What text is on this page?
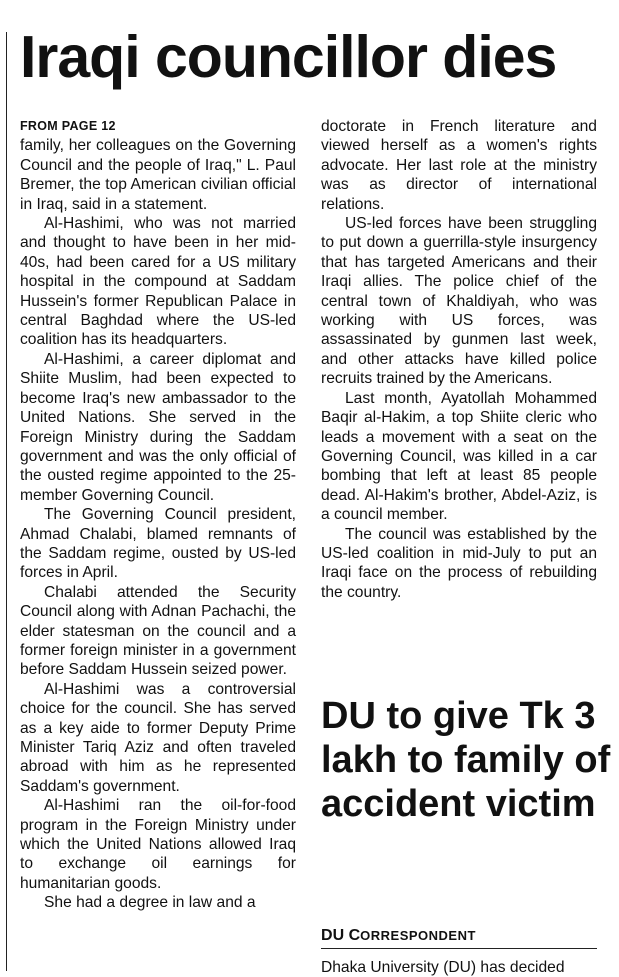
Iraqi councillor dies
FROM PAGE 12

family, her colleagues on the Governing Council and the people of Iraq," L. Paul Bremer, the top American civilian official in Iraq, said in a statement.

Al-Hashimi, who was not married and thought to have been in her mid-40s, had been cared for a US military hospital in the compound at Saddam Hussein's former Republican Palace in central Baghdad where the US-led coalition has its headquarters.

Al-Hashimi, a career diplomat and Shiite Muslim, had been expected to become Iraq's new ambassador to the United Nations. She served in the Foreign Ministry during the Saddam government and was the only official of the ousted regime appointed to the 25-member Governing Council.

The Governing Council president, Ahmad Chalabi, blamed remnants of the Saddam regime, ousted by US-led forces in April.

Chalabi attended the Security Council along with Adnan Pachachi, the elder statesman on the council and a former foreign minister in a government before Saddam Hussein seized power.

Al-Hashimi was a controversial choice for the council. She has served as a key aide to former Deputy Prime Minister Tariq Aziz and often traveled abroad with him as he represented Saddam's government.

Al-Hashimi ran the oil-for-food program in the Foreign Ministry under which the United Nations allowed Iraq to exchange oil earnings for humanitarian goods.

She had a degree in law and a

doctorate in French literature and viewed herself as a women's rights advocate. Her last role at the ministry was as director of international relations.

US-led forces have been struggling to put down a guerrilla-style insurgency that has targeted Americans and their Iraqi allies. The police chief of the central town of Khaldiyah, who was working with US forces, was assassinated by gunmen last week, and other attacks have killed police recruits trained by the Americans.

Last month, Ayatollah Mohammed Baqir al-Hakim, a top Shiite cleric who leads a movement with a seat on the Governing Council, was killed in a car bombing that left at least 85 people dead. Al-Hakim's brother, Abdel-Aziz, is a council member.

The council was established by the US-led coalition in mid-July to put an Iraqi face on the process of rebuilding the country.

DU to give Tk 3 lakh to family of accident victim
DU CORRESPONDENT
Dhaka University (DU) has decided
